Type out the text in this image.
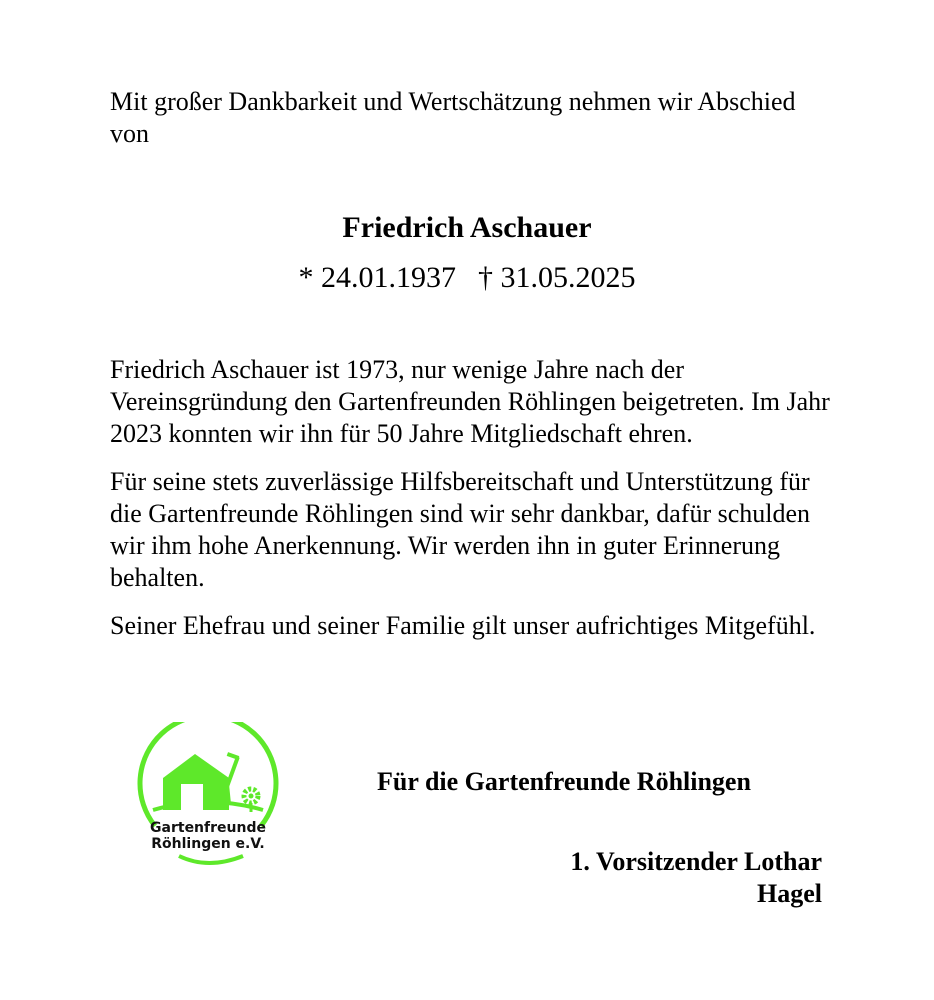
Mit großer Dankbarkeit und Wertschätzung nehmen wir Abschied von

Friedrich Aschauer

* 24.01.1937 † 31.05.2025

Friedrich Aschauer ist 1973, nur wenige Jahre nach der Vereinsgründung den Gartenfreunden Röhlingen beigetreten. Im Jahr 2023 konnten wir ihn für 50 Jahre Mitgliedschaft ehren.

Für seine stets zuverlässige Hilfsbereitschaft und Unterstützung für die Gartenfreunde Röhlingen sind wir sehr dankbar, dafür schulden wir ihm hohe Anerkennung. Wir werden ihn in guter Erinnerung behalten.

Seiner Ehefrau und seiner Familie gilt unser aufrichtiges Mitgefühl.

Gartenfreunde
Röhlingen e.V.

Für die Gartenfreunde Röhlingen

1. Vorsitzender Lothar
Hagel
